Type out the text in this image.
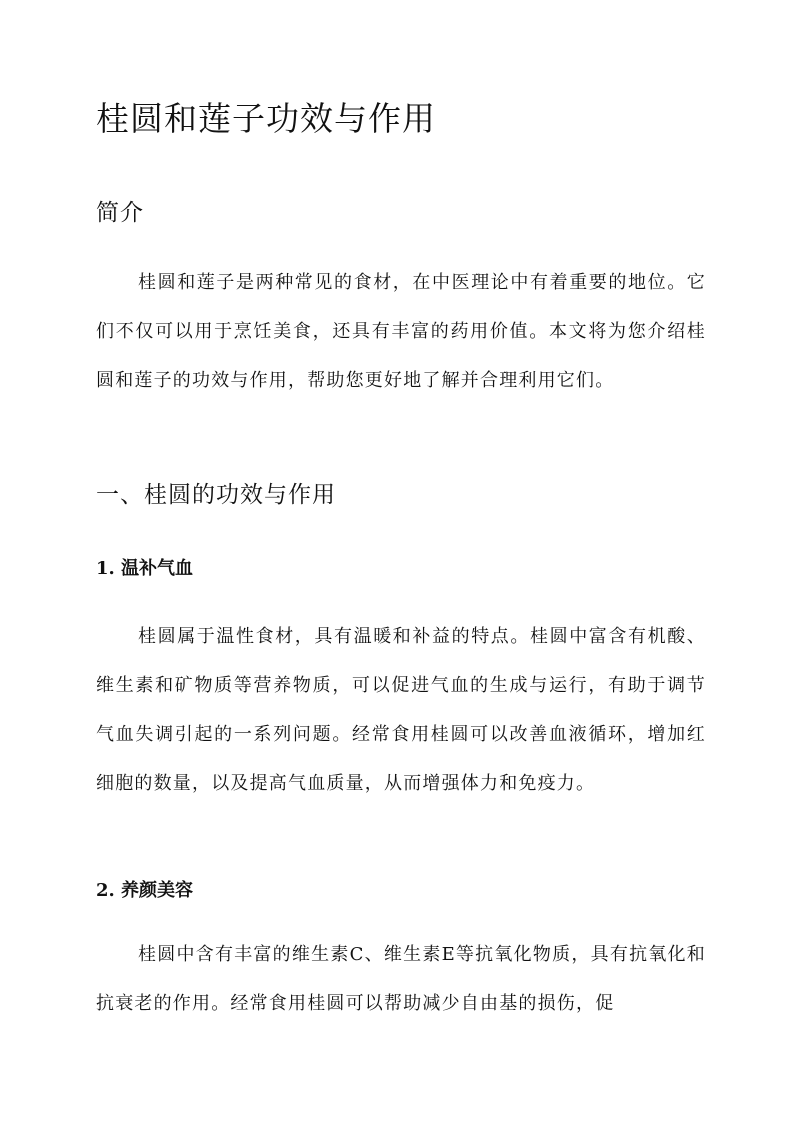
桂圆和莲子功效与作用
简介
桂圆和莲子是两种常见的食材，在中医理论中有着重要的地位。它们不仅可以用于烹饪美食，还具有丰富的药用价值。本文将为您介绍桂圆和莲子的功效与作用，帮助您更好地了解并合理利用它们。
一、桂圆的功效与作用
1. 温补气血
桂圆属于温性食材，具有温暖和补益的特点。桂圆中富含有机酸、维生素和矿物质等营养物质，可以促进气血的生成与运行，有助于调节气血失调引起的一系列问题。经常食用桂圆可以改善血液循环，增加红细胞的数量，以及提高气血质量，从而增强体力和免疫力。
2. 养颜美容
桂圆中含有丰富的维生素C、维生素E等抗氧化物质，具有抗氧化和抗衰老的作用。经常食用桂圆可以帮助减少自由基的损伤，促
